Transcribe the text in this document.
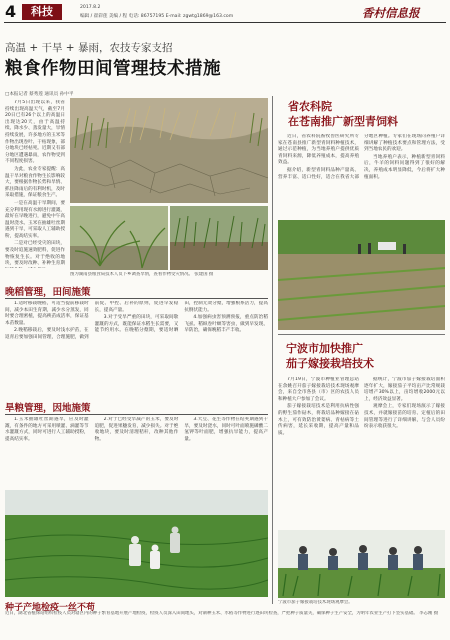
4	科技	2017.8.2
编辑 / 翟彩莲 美编 / 程 电话: 86757195 E-mail: zgwtg1869@163.com	香村信息报
高温 + 干旱 + 暴雨，农技专家支招
粮食作物田间管理技术措施
□本报记者 蔡秀莲 通讯员 孙中平

7月5日出现以来，我省持续出现高温天气，截至7月20日已有26个以上的高温日出现达20天，由于高温持续、降水少、蒸发量大，旱情持续发展，许多地方的玉米等作物出现卷叶、干枯现象，部分地块已经枯死。近期又有部分地区遭遇暴雨，农作物受到不同程度损害。

为此，农业专家提醒：高温干旱对粮食作物生长影响较大，要根据作物长势和旱情、抓住降雨后的有利时机，及时采取措施，保证粮食生产。

一是在高温干旱期间，要充分利用现有水源进行灌溉，最好在早晚进行，避免中午高温时浇水。玉米在抽雄吐丝期遇到干旱，可采取人工辅助授粉，提高结实率。

二是对已经受灾的田块，要及时追施速效肥料，促进作物恢复生长。对于绝收的地块，要及时改种、补种生育期

图为湖南县粮食局技术人员下乡调查旱情，查看作物受灾情况。 张建国 摄
晚稻管理，田间施策

1.适时移栽晚稻，可适当提前移栽时间，减少本田生育期，减少水分蒸发，同时要合理密植，提高秧苗成活率，保证基本苗数量。

2.晚稻移栽后，要及时浅水护苗，在返青后要加强田间管理，合理施肥，做到前促、中控、后补的原则，促进早发稳长，提高产量。

3.对于受旱严重的田块，可采取间歇灌溉的方式，既能保证水稻生长需要，又能节约用水。在晚稻分蘖期，要适时晒田，控制无效分蘖，增强根系活力，提高抗倒伏能力。

4.加强病虫害预测预报，重点防治稻飞虱、稻纵卷叶螟等害虫，做到早发现、早防治，确保晚稻丰产丰收。

旱粮管理，因地施策

1.玉米抽雄吐丝期遇旱，应及时灌溉，有条件的地方可采用喷灌、滴灌等节水灌溉方式，同时可进行人工辅助授粉，提高结实率。

2.对于已经受旱减产的玉米，要及时追肥，促进果穗发育，减少损失。对于绝收地块，要及时清理秸秆，改种其他作物。

3.大豆、花生等作物在结荚期遇到干旱，要及时浇水，同时可叶面喷施磷酸二氢钾等叶面肥，增强抗旱能力，提高产量。

种子产地检疫一丝不苟
近日，湖北省植保站组织检疫人员对辖区内的种子繁育基地开展产地检疫，检疫人员深入田间地头，对制种玉米、水稻等作物进行逐田块检查，严把种子质量关，确保种子生产安全，为明年农业生产打下坚实基础。 李志刚 摄
省农科院
在苍南推广新型青饲料

近日，省农科院畜牧兽医研究所专家在苍南县推广新型青饲料种植技术，通过示范种植，为当地养殖户提供优质青饲料来源，降低养殖成本，提高养殖效益。

据介绍，新型青饲料品种产量高、营养丰富、适口性好，适合在我省大部分地区种植。专家们在现场向养殖户详细讲解了种植技术要点和管理方法，受到当地农民的欢迎。

当地养殖户表示，种植新型青饲料后，牛羊的饲料问题得到了很好的解决，养殖成本明显降低，今后将扩大种植面积。

宁波市加快推广
茄子嫁接栽培技术

7月19日，宁波市种植业管理总站在余姚召开茄子嫁接栽培技术现场观摩会，来自全市各县（市）区的农技人员和种植大户参加了会议。

茄子嫁接栽培技术是利用抗病性强的野生茄作砧木，将栽培品种嫁接在砧木上，可有效防治黄萎病、青枯病等土传病害，延长采收期，提高产量和品质。

据统计，宁波市茄子嫁接栽培面积逐年扩大，嫁接茄子平均亩产比常规栽培增产30%以上，亩均增收2000元以上，经济效益显著。

观摩会上，专家们现场演示了嫁接技术，并就嫁接苗的培育、定植后的田间管理等进行了详细讲解，与会人员纷纷表示收获很大。

宁波市茄子嫁接栽培技术现场观摩会。
